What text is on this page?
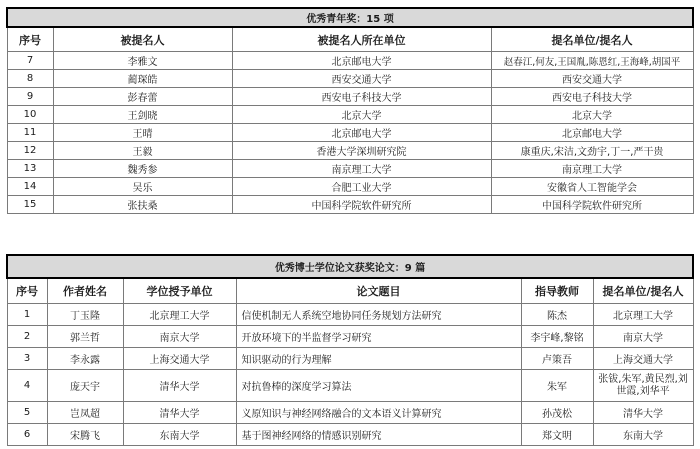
优秀青年奖：15 项			
序号	被提名人	被提名人所在单位	提名单位/提名人
7	李雅文	北京邮电大学	赵春江,何友,王国胤,陈恩红,王海峰,胡国平
8	蔺琛皓	西安交通大学	西安交通大学
9	彭春蕾	西安电子科技大学	西安电子科技大学
10	王剑晓	北京大学	北京大学
11	王晴	北京邮电大学	北京邮电大学
12	王毅	香港大学深圳研究院	康重庆,宋洁,文劲宇,丁一,严干贵
13	魏秀参	南京理工大学	南京理工大学
14	吴乐	合肥工业大学	安徽省人工智能学会
15	张扶桑	中国科学院软件研究所	中国科学院软件研究所
优秀博士学位论文获奖论文：9 篇					
序号	作者姓名	学位授予单位	论文题目	指导教师	提名单位/提名人
1	丁玉隆	北京理工大学	信使机制无人系统空地协同任务规划方法研究	陈杰	北京理工大学
2	郭兰哲	南京大学	开放环境下的半监督学习研究	李宇峰,黎铭	南京大学
3	李永露	上海交通大学	知识驱动的行为理解	卢策吾	上海交通大学
4	庞天宇	清华大学	对抗鲁棒的深度学习算法	朱军	张钹,朱军,黄民烈,刘世霞,刘华平
5	岂凤超	清华大学	义原知识与神经网络融合的文本语义计算研究	孙茂松	清华大学
6	宋腾飞	东南大学	基于图神经网络的情感识别研究	郑文明	东南大学
